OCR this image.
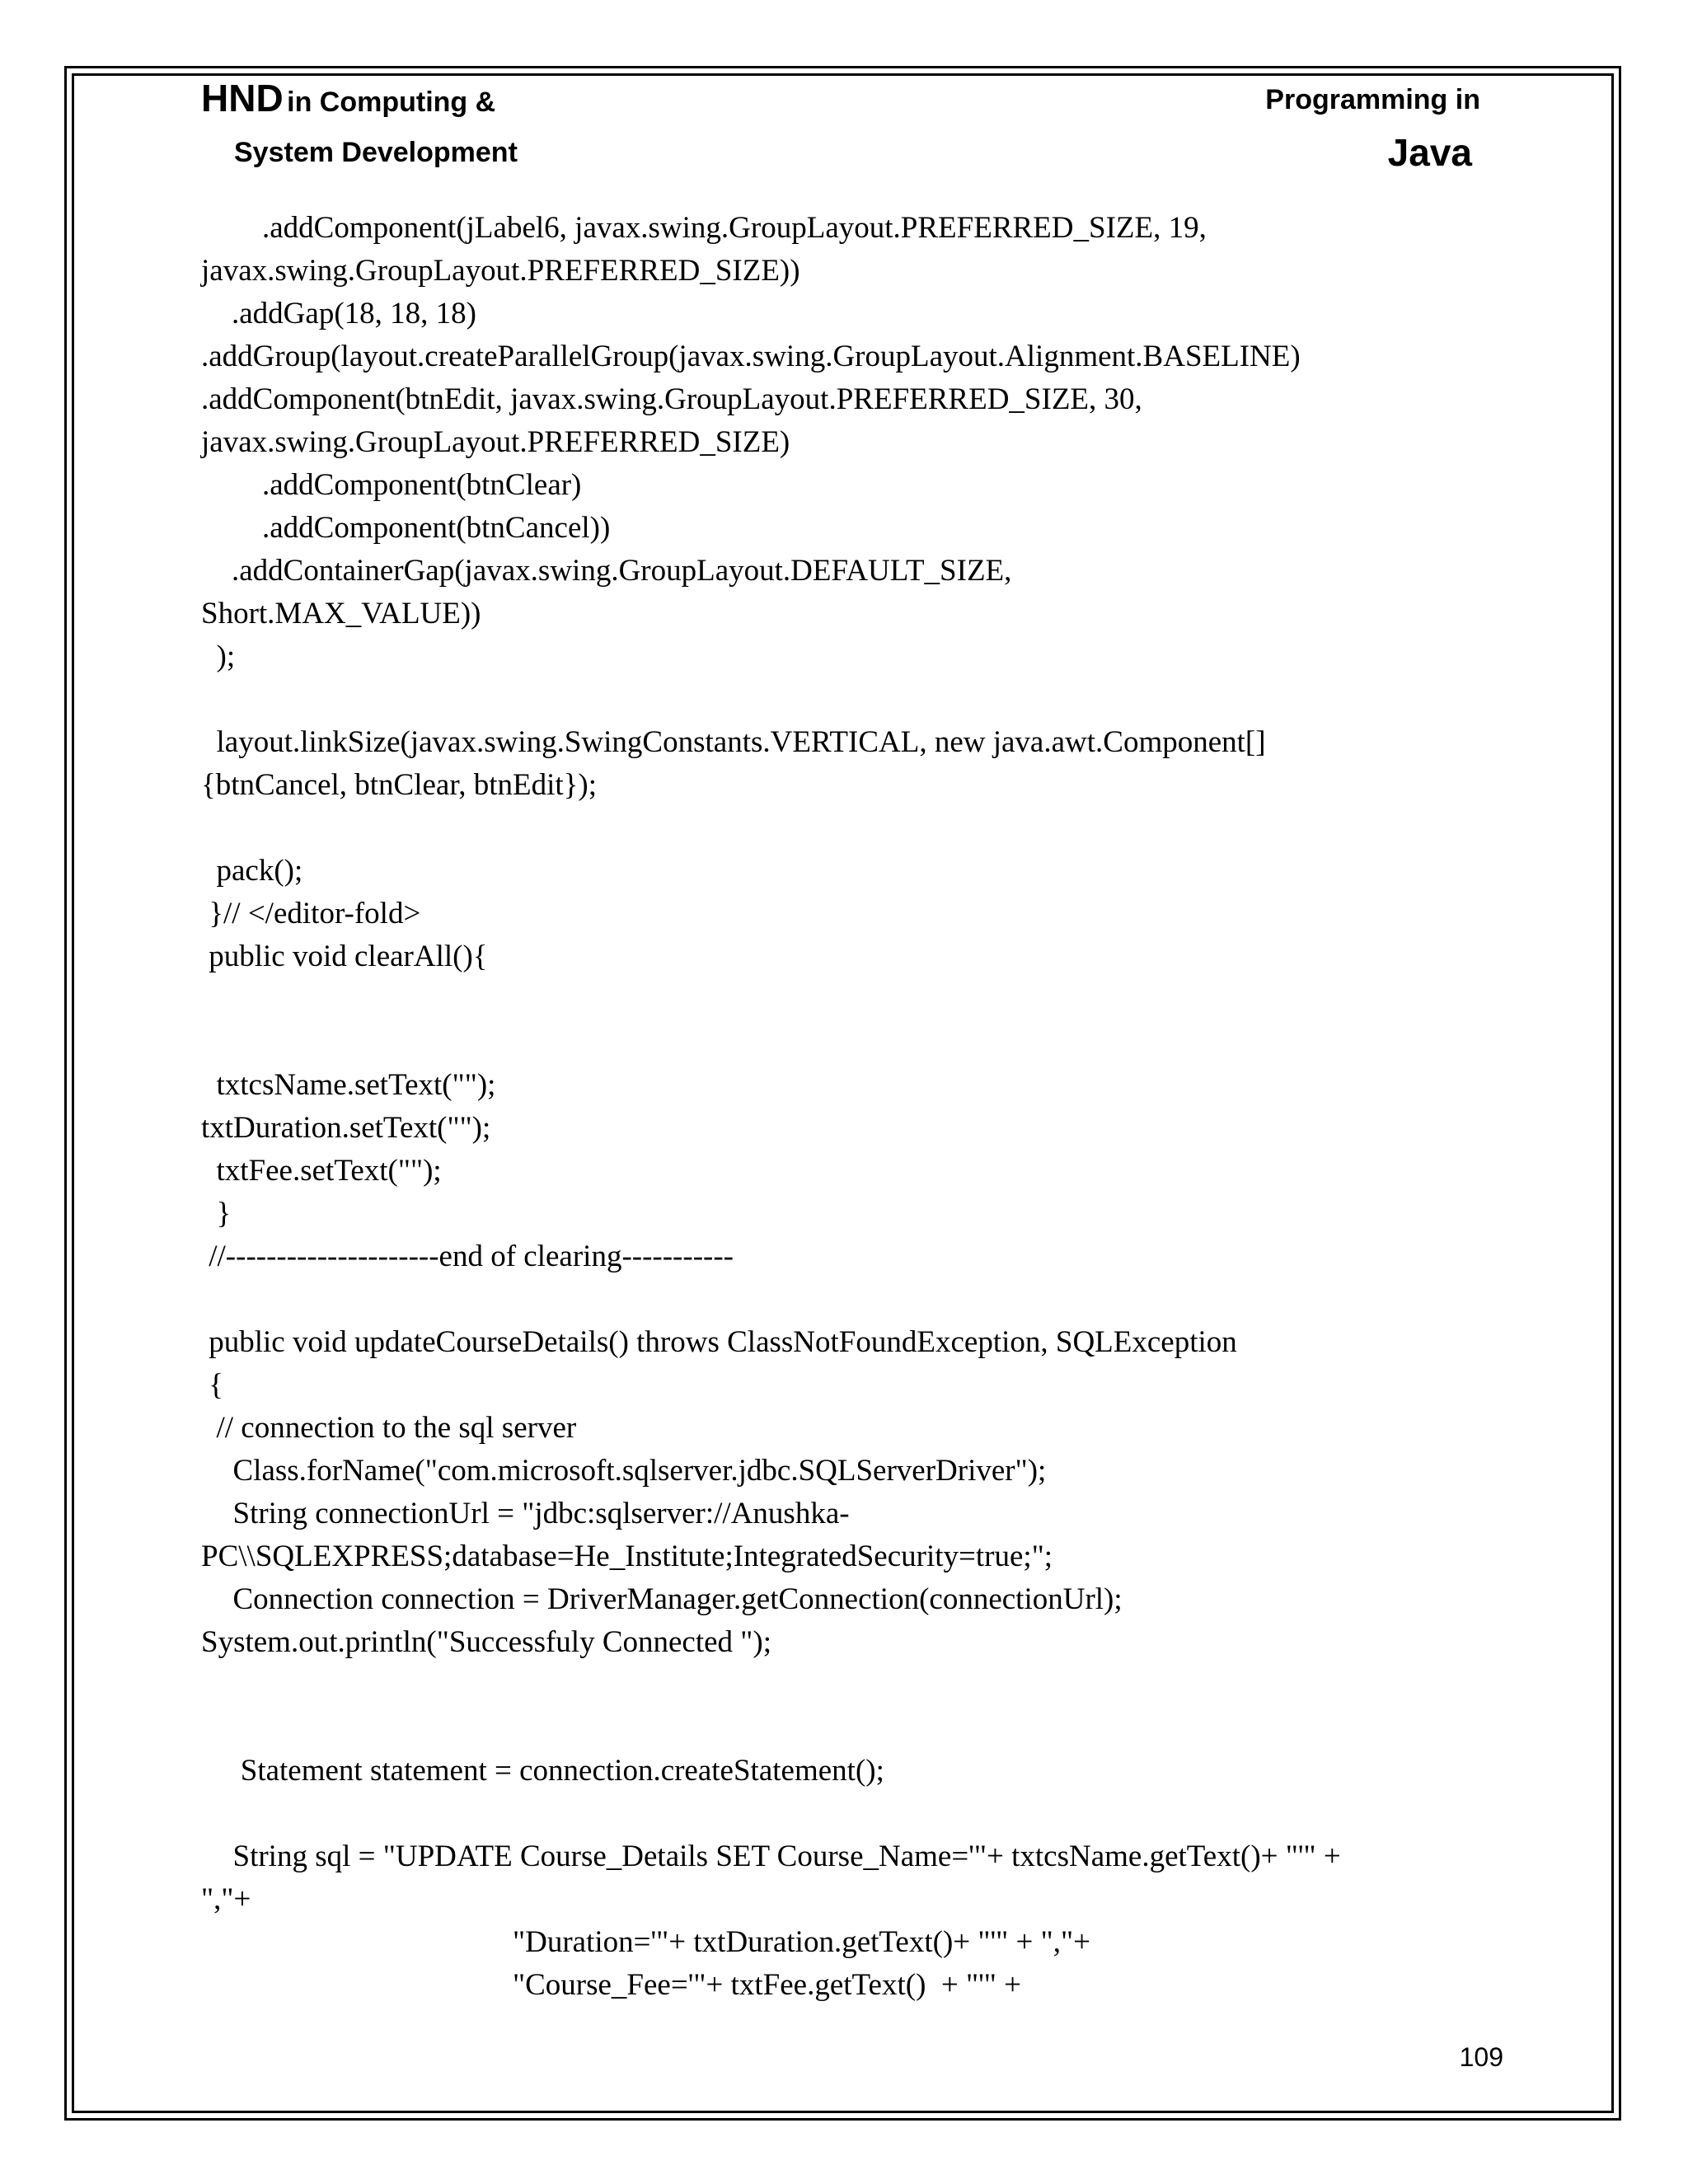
HND in Computing &
System Development
Programming in
Java
.addComponent(jLabel6, javax.swing.GroupLayout.PREFERRED_SIZE, 19,
javax.swing.GroupLayout.PREFERRED_SIZE))
.addGap(18, 18, 18)
.addGroup(layout.createParallelGroup(javax.swing.GroupLayout.Alignment.BASELINE)
.addComponent(btnEdit, javax.swing.GroupLayout.PREFERRED_SIZE, 30,
javax.swing.GroupLayout.PREFERRED_SIZE)
.addComponent(btnClear)
.addComponent(btnCancel))
.addContainerGap(javax.swing.GroupLayout.DEFAULT_SIZE,
Short.MAX_VALUE))
);
layout.linkSize(javax.swing.SwingConstants.VERTICAL, new java.awt.Component[]
{btnCancel, btnClear, btnEdit});
pack();
}// </editor-fold>
public void clearAll(){
txtcsName.setText("");
txtDuration.setText("");
txtFee.setText("");
}
//---------------------end of clearing-----------
public void updateCourseDetails() throws ClassNotFoundException, SQLException
{
// connection to the sql server
Class.forName("com.microsoft.sqlserver.jdbc.SQLServerDriver");
String connectionUrl = "jdbc:sqlserver://Anushka-
PC\\SQLEXPRESS;database=He_Institute;IntegratedSecurity=true;";
Connection connection = DriverManager.getConnection(connectionUrl);
System.out.println("Successfuly Connected ");
Statement statement = connection.createStatement();
String sql = "UPDATE Course_Details SET Course_Name='"+ txtcsName.getText()+ "'" +
","+
"Duration='"+ txtDuration.getText()+ "'" + ","+
"Course_Fee='"+ txtFee.getText()  + "'" +
109
